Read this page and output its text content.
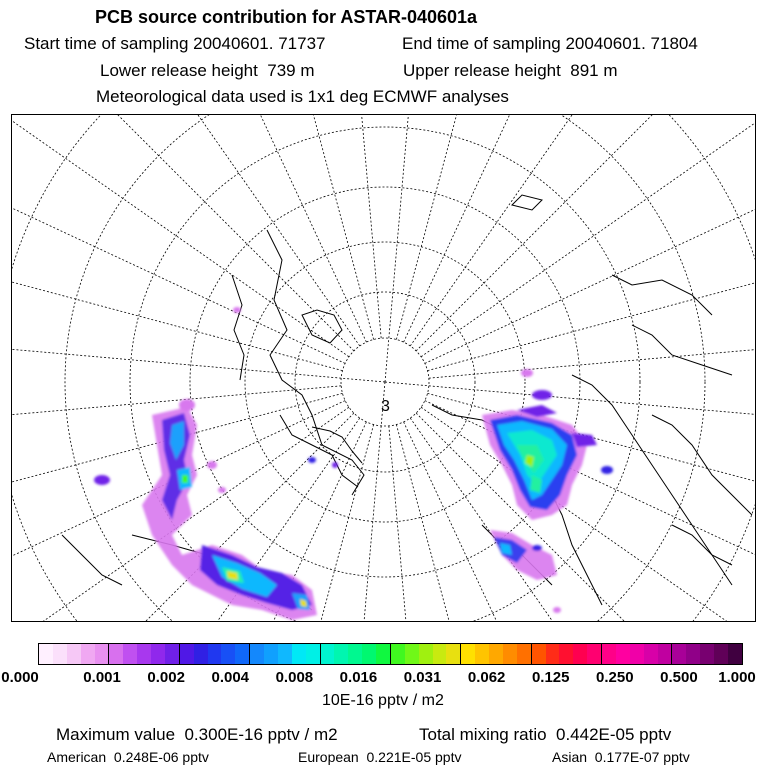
PCB source contribution for ASTAR-040601a
Start time of sampling 20040601. 71737	End time of sampling 20040601. 71804
Lower release height  739 m	Upper release height  891 m
Meteorological data used is 1x1 deg ECMWF analyses
3
0.000	0.001 0.002 0.004 0.008 0.016 0.031 0.062 0.125 0.250 0.500 1.000
10E-16 pptv / m2
Maximum value  0.300E-16 pptv / m2	Total mixing ratio  0.442E-05 pptv
American  0.248E-06 pptv	European  0.221E-05 pptv	Asian  0.177E-07 pptv
